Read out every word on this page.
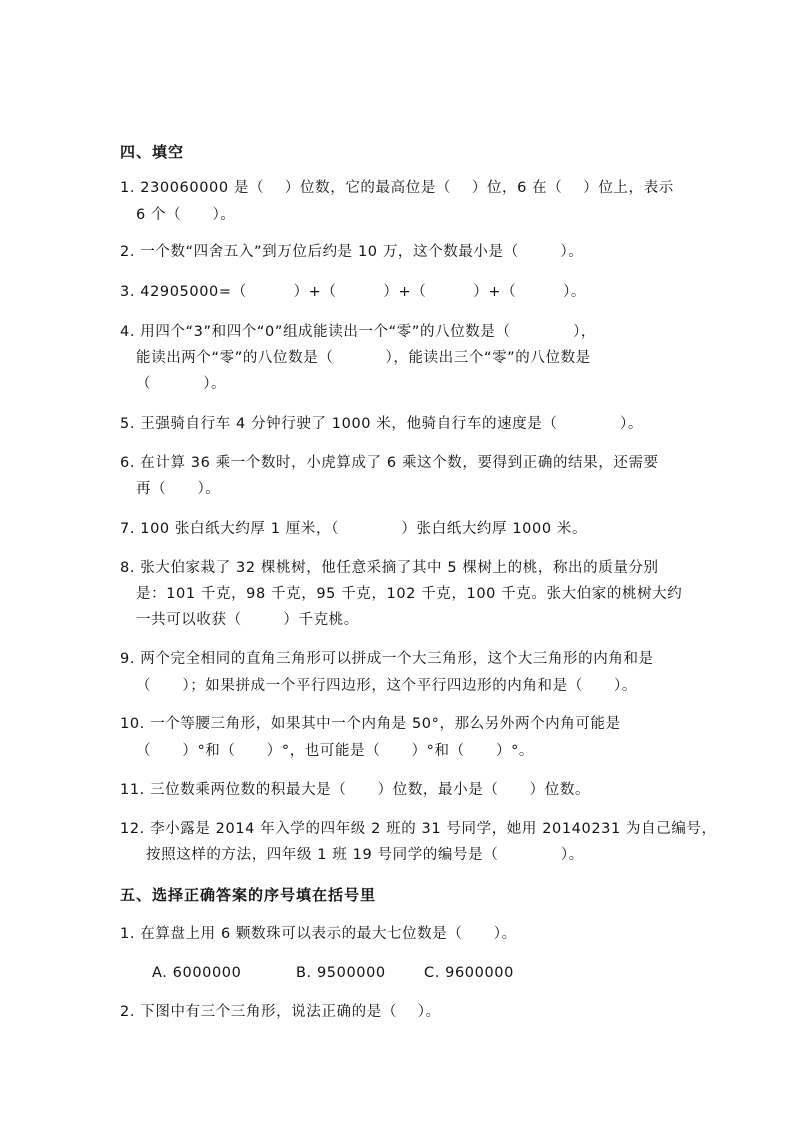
四、填空
1. 230060000 是（    ）位数，它的最高位是（    ）位，6 在（    ）位上，表示
6 个（      ）。
2. 一个数“四舍五入”到万位后约是 10 万，这个数最小是（        ）。
3. 42905000=（         ）+（         ）+（         ）+（         ）。
4. 用四个“3”和四个“0”组成能读出一个“零”的八位数是（            ），
能读出两个“零”的八位数是（          ），能读出三个“零”的八位数是
（          ）。
5. 王强骑自行车 4 分钟行驶了 1000 米，他骑自行车的速度是（            ）。
6. 在计算 36 乘一个数时，小虎算成了 6 乘这个数，要得到正确的结果，还需要
再（      ）。
7. 100 张白纸大约厚 1 厘米，（            ）张白纸大约厚 1000 米。
8. 张大伯家栽了 32 棵桃树，他任意采摘了其中 5 棵树上的桃，称出的质量分别
是：101 千克，98 千克，95 千克，102 千克，100 千克。张大伯家的桃树大约
一共可以收获（        ）千克桃。
9. 两个完全相同的直角三角形可以拼成一个大三角形，这个大三角形的内角和是
（      ）；如果拼成一个平行四边形，这个平行四边形的内角和是（      ）。
10. 一个等腰三角形，如果其中一个内角是 50°，那么另外两个内角可能是
（      ）°和（      ）°，也可能是（      ）°和（      ）°。
11. 三位数乘两位数的积最大是（      ）位数，最小是（      ）位数。
12. 李小露是 2014 年入学的四年级 2 班的 31 号同学，她用 20140231 为自己编号，
按照这样的方法，四年级 1 班 19 号同学的编号是（            ）。
五、选择正确答案的序号填在括号里
1. 在算盘上用 6 颗数珠可以表示的最大七位数是（      ）。
A. 6000000	B. 9500000	C. 9600000
2. 下图中有三个三角形，说法正确的是（    ）。
